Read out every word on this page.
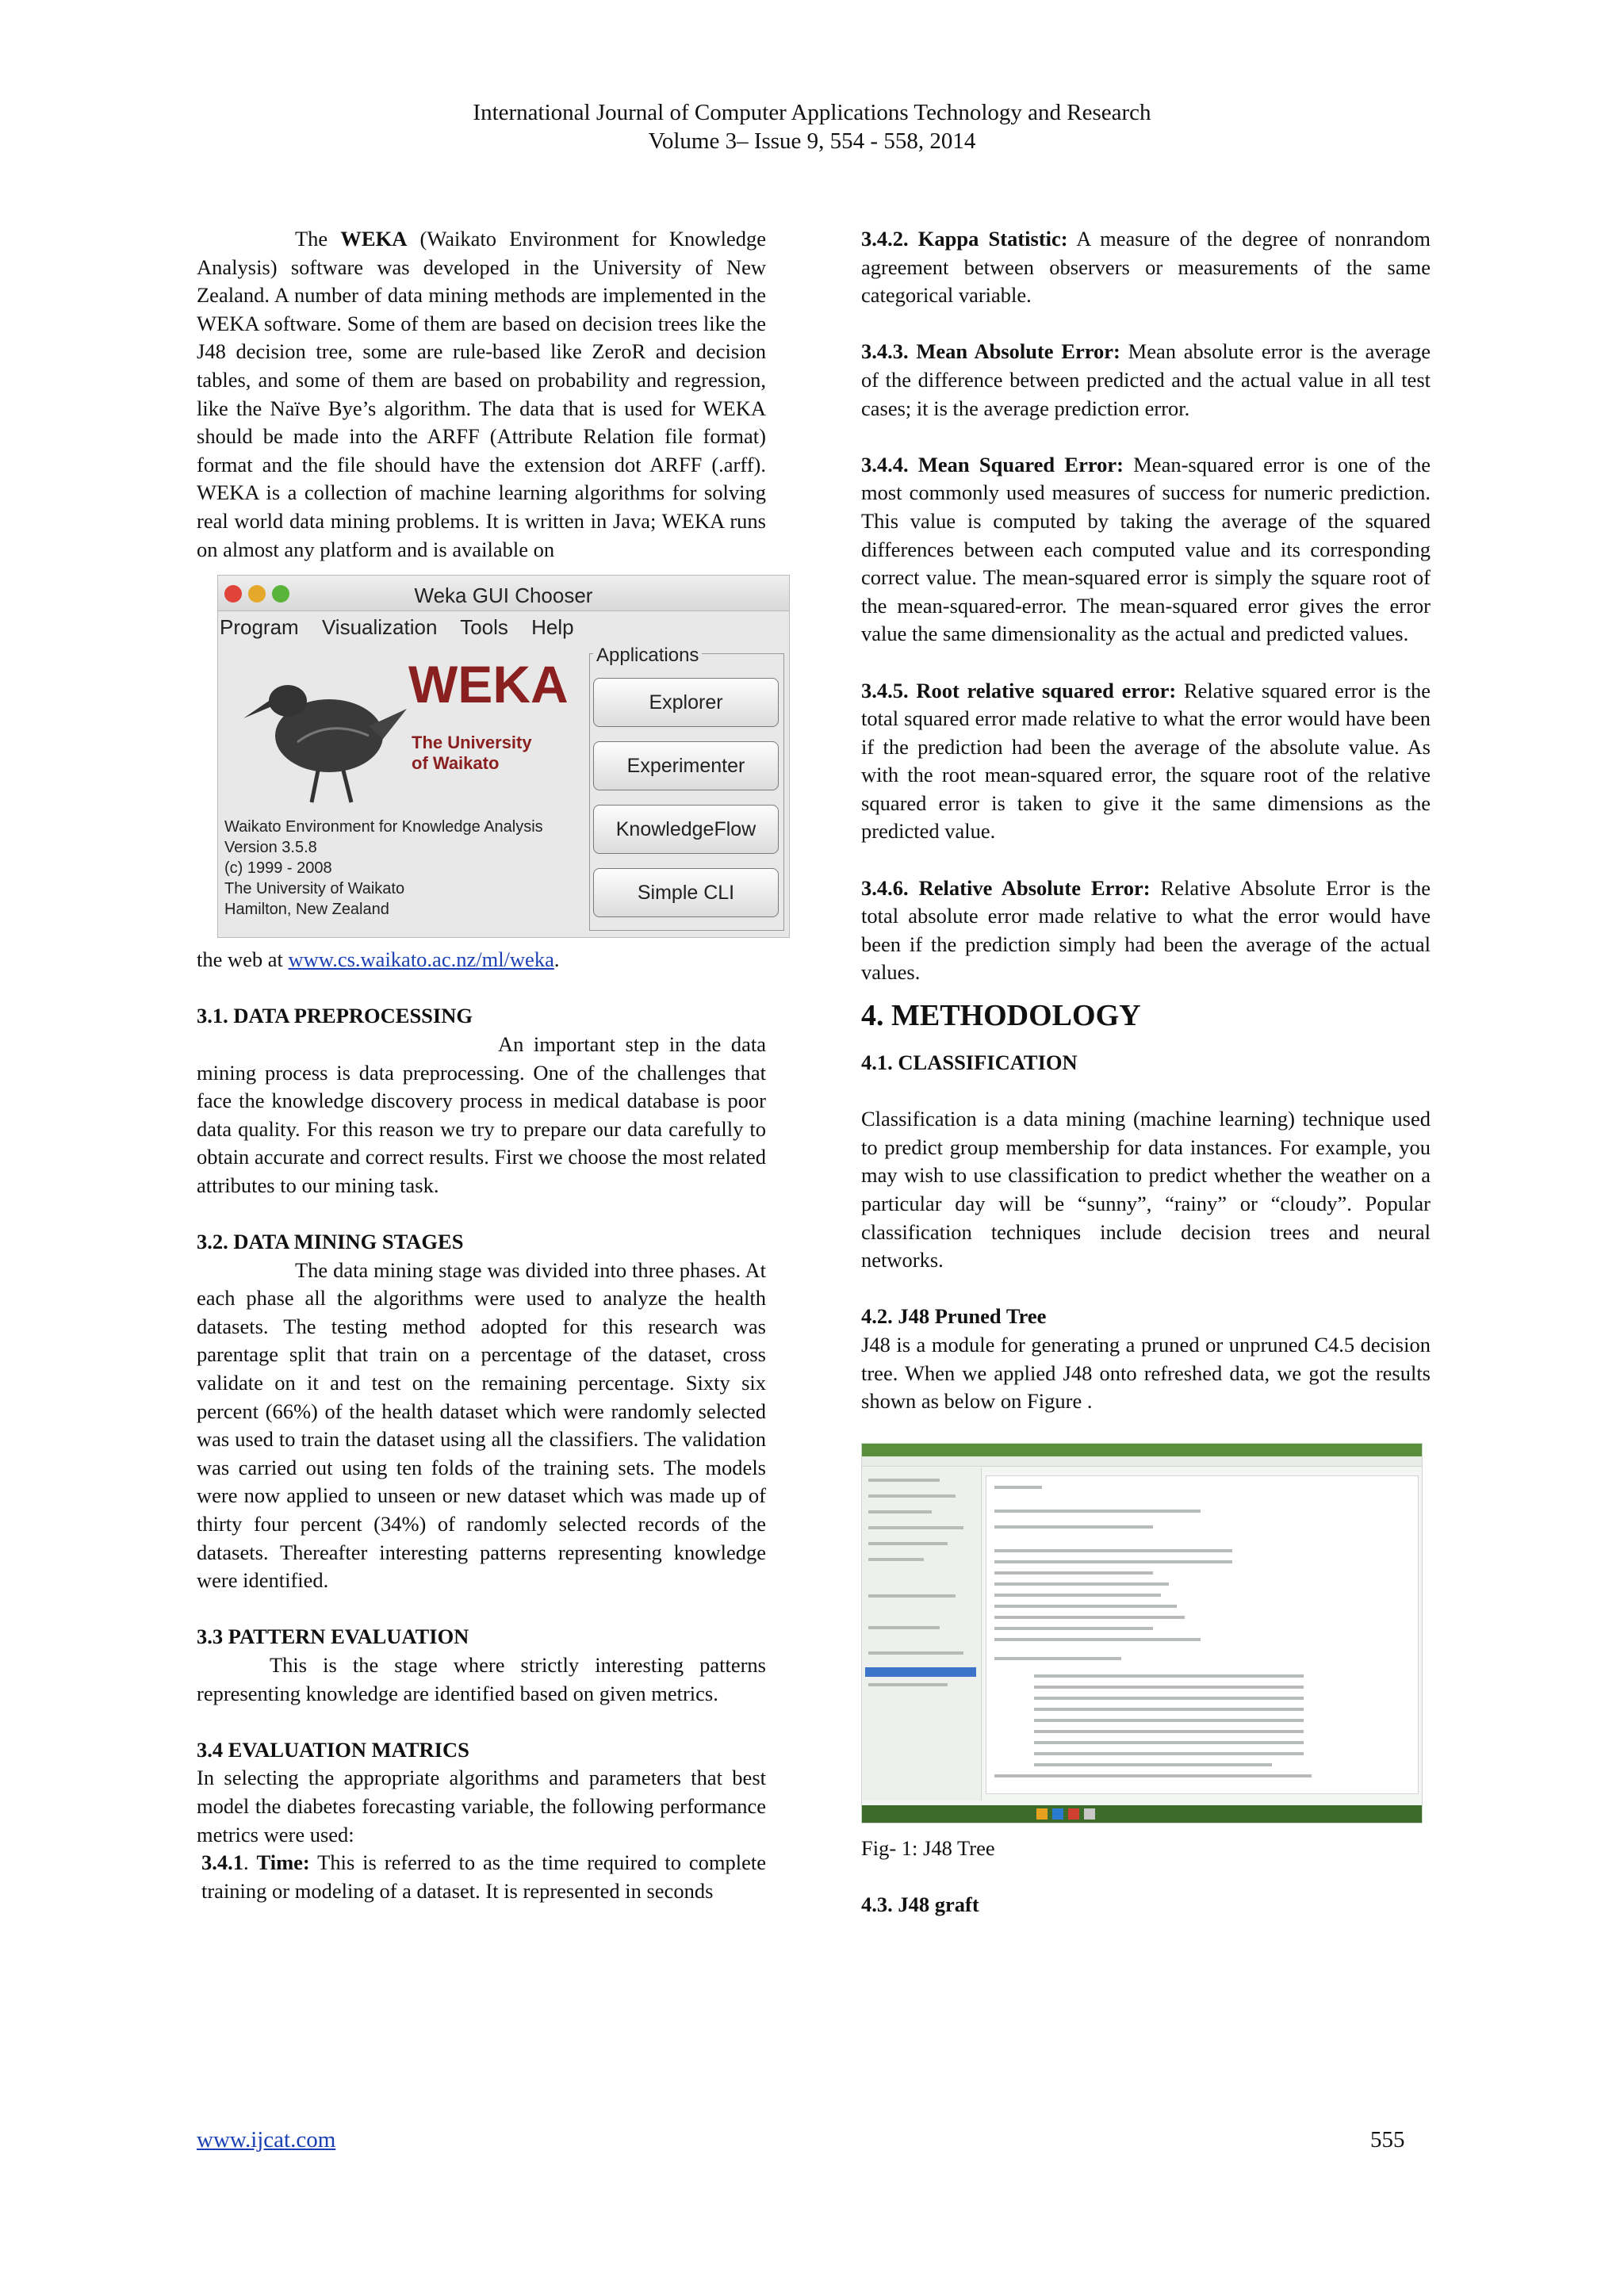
International Journal of Computer Applications Technology and Research
Volume 3– Issue 9, 554 - 558, 2014

The WEKA (Waikato Environment for Knowledge Analysis) software was developed in the University of New Zealand. A number of data mining methods are implemented in the WEKA software. Some of them are based on decision trees like the J48 decision tree, some are rule-based like ZeroR and decision tables, and some of them are based on probability and regression, like the Naïve Bye’s algorithm. The data that is used for WEKA should be made into the ARFF (Attribute Relation file format) format and the file should have the extension dot ARFF (.arff). WEKA is a collection of machine learning algorithms for solving real world data mining problems. It is written in Java; WEKA runs on almost any platform and is available on

Weka GUI Chooser
Program Visualization Tools Help
WEKA
The University
of Waikato
Waikato Environment for Knowledge Analysis
Version 3.5.8
(c) 1999 - 2008
The University of Waikato
Hamilton, New Zealand
Applications
Explorer
Experimenter
KnowledgeFlow
Simple CLI

the web at www.cs.waikato.ac.nz/ml/weka.

3.1. DATA PREPROCESSING

An important step in the data mining process is data preprocessing. One of the challenges that face the knowledge discovery process in medical database is poor data quality. For this reason we try to prepare our data carefully to obtain accurate and correct results. First we choose the most related attributes to our mining task.

3.2. DATA MINING STAGES

The data mining stage was divided into three phases. At each phase all the algorithms were used to analyze the health datasets. The testing method adopted for this research was parentage split that train on a percentage of the dataset, cross validate on it and test on the remaining percentage. Sixty six percent (66%) of the health dataset which were randomly selected was used to train the dataset using all the classifiers. The validation was carried out using ten folds of the training sets. The models were now applied to unseen or new dataset which was made up of thirty four percent (34%) of randomly selected records of the datasets. Thereafter interesting patterns representing knowledge were identified.

3.3 PATTERN EVALUATION

This is the stage where strictly interesting patterns representing knowledge are identified based on given metrics.

3.4 EVALUATION MATRICS

In selecting the appropriate algorithms and parameters that best model the diabetes forecasting variable, the following performance metrics were used:

3.4.1. Time: This is referred to as the time required to complete training or modeling of a dataset. It is represented in seconds

3.4.2. Kappa Statistic: A measure of the degree of nonrandom agreement between observers or measurements of the same categorical variable.

3.4.3. Mean Absolute Error: Mean absolute error is the average of the difference between predicted and the actual value in all test cases; it is the average prediction error.

3.4.4. Mean Squared Error: Mean-squared error is one of the most commonly used measures of success for numeric prediction. This value is computed by taking the average of the squared differences between each computed value and its corresponding correct value. The mean-squared error is simply the square root of the mean-squared-error. The mean-squared error gives the error value the same dimensionality as the actual and predicted values.

3.4.5. Root relative squared error: Relative squared error is the total squared error made relative to what the error would have been if the prediction had been the average of the absolute value. As with the root mean-squared error, the square root of the relative squared error is taken to give it the same dimensions as the predicted value.

3.4.6. Relative Absolute Error: Relative Absolute Error is the total absolute error made relative to what the error would have been if the prediction simply had been the average of the actual values.

4. METHODOLOGY

4.1. CLASSIFICATION

Classification is a data mining (machine learning) technique used to predict group membership for data instances. For example, you may wish to use classification to predict whether the weather on a particular day will be “sunny”, “rainy” or “cloudy”. Popular classification techniques include decision trees and neural networks.

4.2. J48 Pruned Tree

J48 is a module for generating a pruned or unpruned C4.5 decision tree. When we applied J48 onto refreshed data, we got the results shown as below on Figure .

Fig- 1: J48 Tree

4.3. J48 graft

www.ijcat.com	555
